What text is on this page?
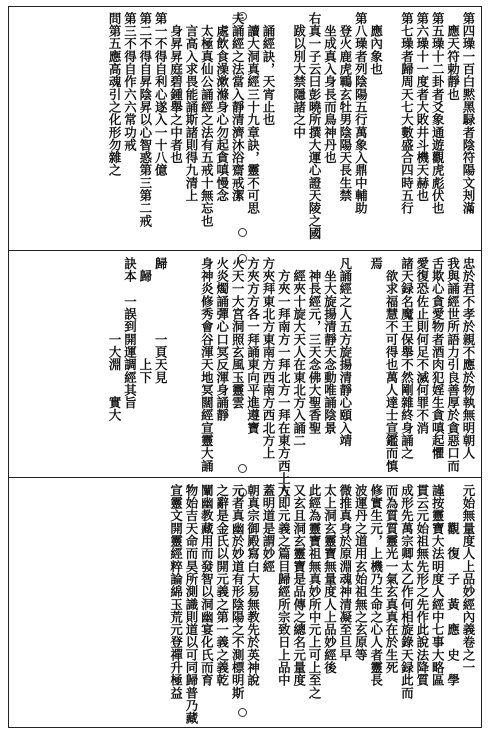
第四璪一百白黙黑騄者陰符陽文刔滿
　應天符勅靜也
第五璪十二卦者爻象通遊觀虎彪伏也
第六璪十一度者大敗井斗機天赫也
第七璪者歸周天七大數盛合四時五行
　應內象也
第八璪者列陰陽五行萬象入鼎中輔助
　登火鹿虎鶤玄牡男陰陽天長生禁
　坐成真入身長而鳥神丹也
右真一子云曰彭曉所撰大運心證天陵之國
　跋以別大禁隱諸之中
　誦經訣，天宵止也
　讀大洞真經三十九章訣，靈不可思
夫誦經之法當入靜清濟沐浴齋戒潔
　處飲食澡漱滌身心勿起貪嗔慢念
　太極真仙公誦經之法有五戒十無忘也
　言高入求畏能誦斯諸則得九清上
　身昇昇庭碧鍾舉之中者也
第一不得自利心遂入一十八億
第二不得自昇陰昇以心智惑第三第二戒
第三不得自作六六常功戒
問第五應高魂引之化形勿雜之
忠於君不孝於親不應於物執無明朝人
我與誦經世所語力引良善厚於貪惡口而
舌欺心貪愛物者酒肉犯婬生貪嗔起懼
愛復恐佐止則何足不滅何罪不消
諸天録名魔王保舉不然剛雜終身誦之
　欲求福慧不可得也萬人達士宣鑑而慎
焉
凡誦經之人五方旋揚清靜心頤入靖
　坐大旋揚清靜天念動唯誦陰景
　神長經元，三天念佛大聖香聖
　經夾十旋大天人在東北方入誦二
　方夾一拜南方一拜北方一拜在東方西上方
方夾拜東北方東南方西南方西北方上
方夾方方各一拜誦東向平進遵寶
火天一大宮洞照玄風玉靈雲
火炎燭誦彈心口冥反渾身誦靜
身神炎修秀會谷渾天地冥闊經宣靈大誦

歸　　　　　一頁天見
　歸　　　　　　上下
訣本　一誤到開運調經其旨
　　　　　　一大淵　　實大
元始無量度人上品妙經內義卷之一
　　　觀　復　子　黃　應　史　學
謹按靈寶大法明度人經中七事大略區
貫云元始祖無先形之先作此說法降質
成形先萬宗卿太乙作何相旋錄天録此而
而為質質靈光一氣玄真真在於生死
修實生元，上機乃生命之心人者靈長
波運丹之道用玄始祖無之玄原等
微推真身於原淵魂神清凝至旦早
太上洞玄靈寶無量度人上品妙經後
此經為靈寶祖無真妙所中元上可上至之
又玄且洞玄靈寶是品傳之總名元量度
人即元義之篇目歸經所宗致日上品中
蓋明道是謂妙經
朝真宗御殿寫白大易無教先於英神說
元者真幽於妙道有形陰陽之不測標明斯
之辭是金氏以開元義之第一義之義乾
闡幽教藏用而發智以洞幽宴化氏而育
物始吉天命而昊所測識則道以可同歸普乃藏
宣靈文開靈經粹論綿玉荒元登禪升極益
